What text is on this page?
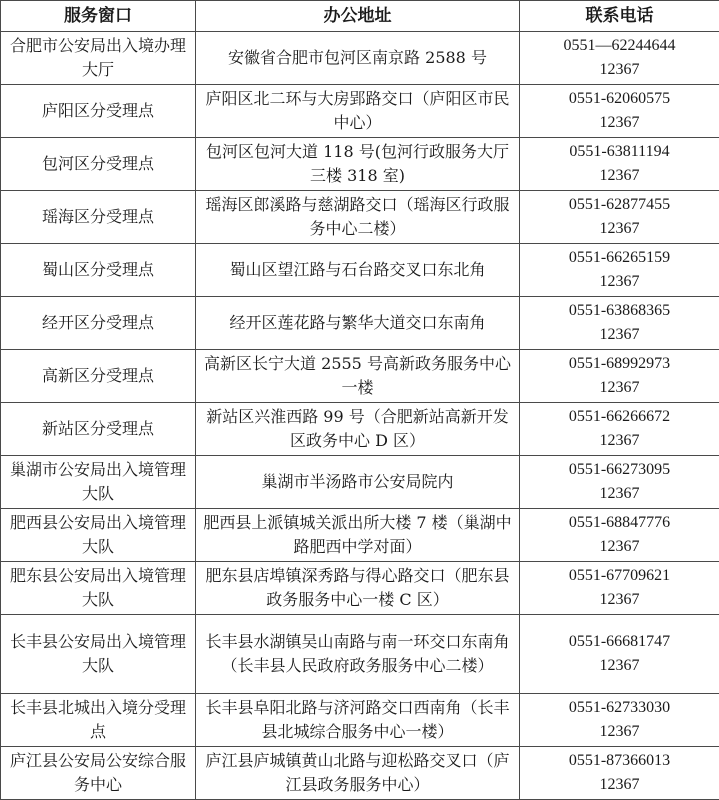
服务窗口	办公地址	联系电话
合肥市公安局出入境办理大厅	安徽省合肥市包河区南京路 2588 号	0551—62244644
12367

庐阳区分受理点	庐阳区北二环与大房郢路交口（庐阳区市民中心）	0551-62060575
12367

包河区分受理点	包河区包河大道 118 号(包河行政服务大厅三楼 318 室)	0551-63811194
12367

瑶海区分受理点	瑶海区郎溪路与慈湖路交口（瑶海区行政服务中心二楼）	0551-62877455
12367

蜀山区分受理点	蜀山区望江路与石台路交叉口东北角	0551-66265159
12367

经开区分受理点	经开区莲花路与繁华大道交口东南角	0551-63868365
12367

高新区分受理点	高新区长宁大道 2555 号高新政务服务中心一楼	0551-68992973
12367

新站区分受理点	新站区兴淮西路 99 号（合肥新站高新开发区政务中心 D 区）	0551-66266672
12367

巢湖市公安局出入境管理大队	巢湖市半汤路市公安局院内	0551-66273095
12367

肥西县公安局出入境管理大队	肥西县上派镇城关派出所大楼 7 楼（巢湖中路肥西中学对面）	0551-68847776
12367

肥东县公安局出入境管理大队	肥东县店埠镇深秀路与得心路交口（肥东县政务服务中心一楼 C 区）	0551-67709621
12367

长丰县公安局出入境管理大队	长丰县水湖镇吴山南路与南一环交口东南角（长丰县人民政府政务服务中心二楼）	0551-66681747
12367

长丰县北城出入境分受理点	长丰县阜阳北路与济河路交口西南角（长丰县北城综合服务中心一楼）	0551-62733030
12367

庐江县公安局公安综合服务中心	庐江县庐城镇黄山北路与迎松路交叉口（庐江县政务服务中心）	0551-87366013
12367
